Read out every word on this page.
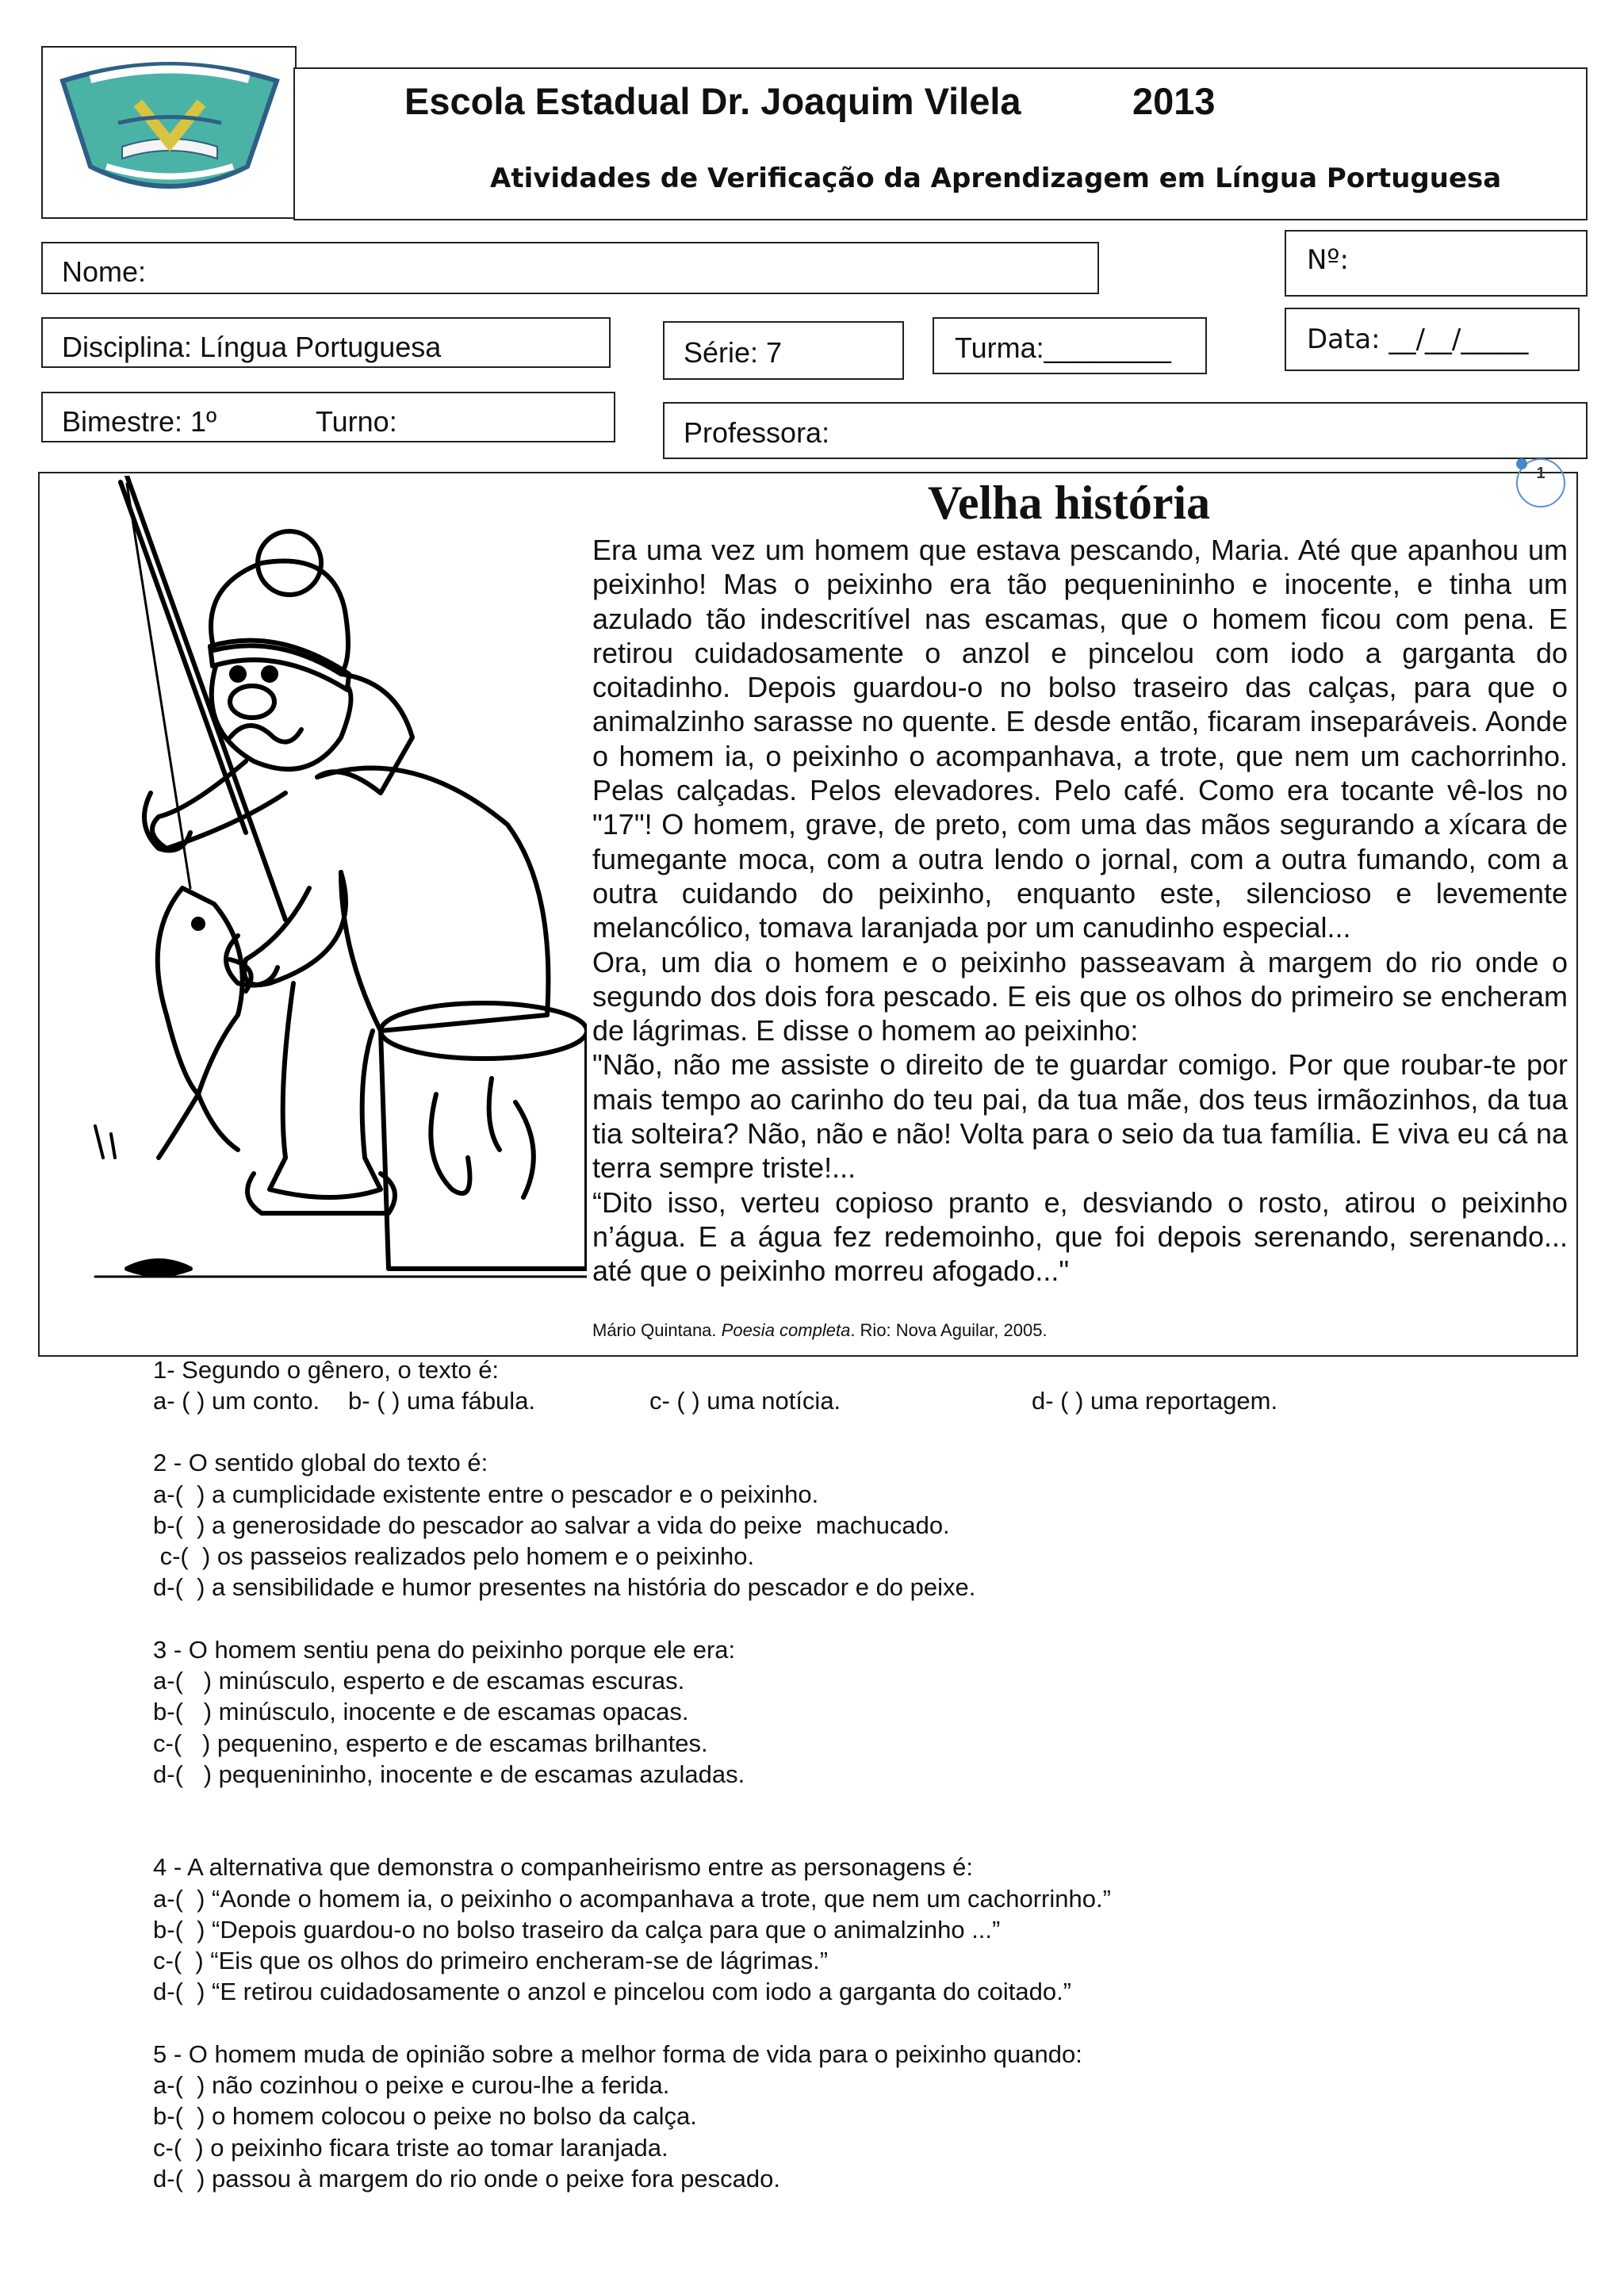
Escola Estadual Dr. Joaquim Vilela	2013
Atividades de Verificação da Aprendizagem em Língua Portuguesa
Nome:	Nº:
Disciplina: Língua Portuguesa	Série: 7	Turma:________	Data: __/__/_____
Bimestre: 1º	Turno:	Professora:
1
Velha história

Era uma vez um homem que estava pescando, Maria. Até que apanhou um peixinho! Mas o peixinho era tão pequenininho e inocente, e tinha um azulado tão indescritível nas escamas, que o homem ficou com pena. E retirou cuidadosamente o anzol e pincelou com iodo a garganta do coitadinho. Depois guardou-o no bolso traseiro das calças, para que o animalzinho sarasse no quente. E desde então, ficaram inseparáveis. Aonde o homem ia, o peixinho o acompanhava, a trote, que nem um cachorrinho. Pelas calçadas. Pelos elevadores. Pelo café. Como era tocante vê-los no "17"! O homem, grave, de preto, com uma das mãos segurando a xícara de fumegante moca, com a outra lendo o jornal, com a outra fumando, com a outra cuidando do peixinho, enquanto este, silencioso e levemente melancólico, tomava laranjada por um canudinho especial...

Ora, um dia o homem e o peixinho passeavam à margem do rio onde o segundo dos dois fora pescado. E eis que os olhos do primeiro se encheram de lágrimas. E disse o homem ao peixinho:

"Não, não me assiste o direito de te guardar comigo. Por que roubar-te por mais tempo ao carinho do teu pai, da tua mãe, dos teus irmãozinhos, da tua tia solteira? Não, não e não! Volta para o seio da tua família. E viva eu cá na terra sempre triste!...

“Dito isso, verteu copioso pranto e, desviando o rosto, atirou o peixinho n’água. E a água fez redemoinho, que foi depois serenando, serenando... até que o peixinho morreu afogado..."

Mário Quintana. Poesia completa. Rio: Nova Aguilar, 2005.

1- Segundo o gênero, o texto é:

a- ( ) um conto. b- ( ) uma fábula.	c- ( ) uma notícia.	d- ( ) uma reportagem.

2 - O sentido global do texto é:

a-(  ) a cumplicidade existente entre o pescador e o peixinho.
b-(  ) a generosidade do pescador ao salvar a vida do peixe  machucado.
c-(  ) os passeios realizados pelo homem e o peixinho.
d-(  ) a sensibilidade e humor presentes na história do pescador e do peixe.

3 - O homem sentiu pena do peixinho porque ele era:

a-(   ) minúsculo, esperto e de escamas escuras.
b-(   ) minúsculo, inocente e de escamas opacas.
c-(   ) pequenino, esperto e de escamas brilhantes.
d-(   ) pequenininho, inocente e de escamas azuladas.

4 - A alternativa que demonstra o companheirismo entre as personagens é:

a-(  ) “Aonde o homem ia, o peixinho o acompanhava a trote, que nem um cachorrinho.”
b-(  ) “Depois guardou-o no bolso traseiro da calça para que o animalzinho ...”
c-(  ) “Eis que os olhos do primeiro encheram-se de lágrimas.”
d-(  ) “E retirou cuidadosamente o anzol e pincelou com iodo a garganta do coitado.”

5 - O homem muda de opinião sobre a melhor forma de vida para o peixinho quando:

a-(  ) não cozinhou o peixe e curou-lhe a ferida.
b-(  ) o homem colocou o peixe no bolso da calça.
c-(  ) o peixinho ficara triste ao tomar laranjada.
d-(  ) passou à margem do rio onde o peixe fora pescado.
